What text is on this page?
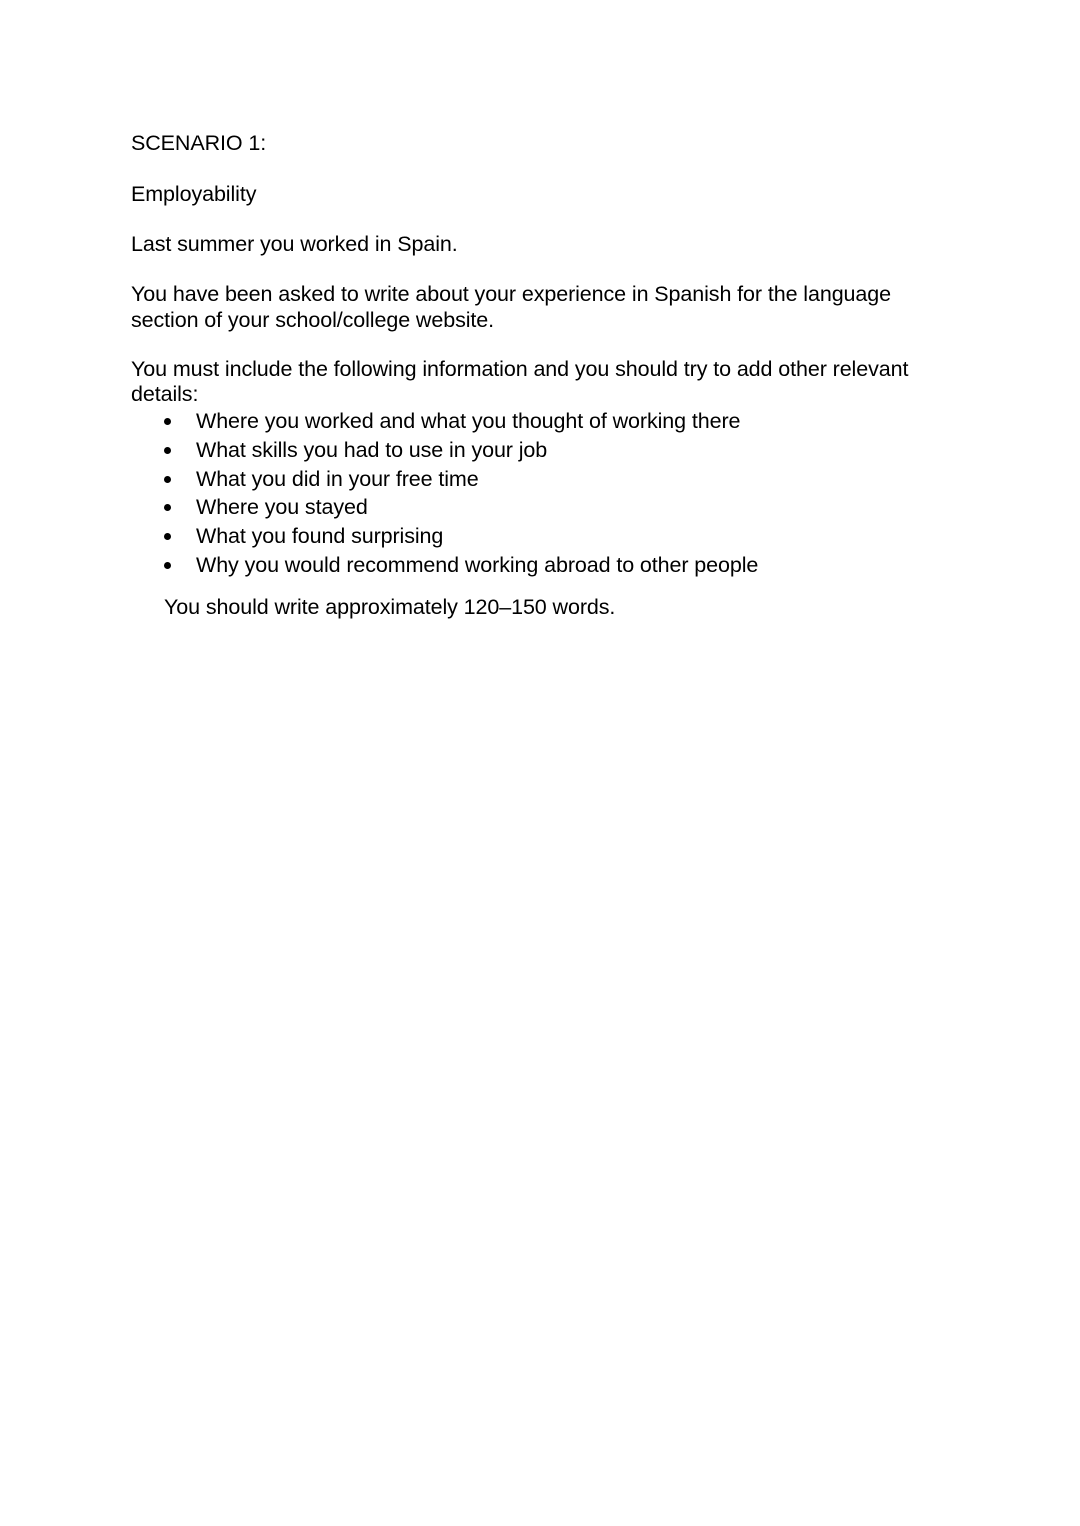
SCENARIO 1:
Employability
Last summer you worked in Spain.
You have been asked to write about your experience in Spanish for the language
section of your school/college website.
You must include the following information and you should try to add other relevant
details:
Where you worked and what you thought of working there
What skills you had to use in your job
What you did in your free time
Where you stayed
What you found surprising
Why you would recommend working abroad to other people
You should write approximately 120–150 words.
